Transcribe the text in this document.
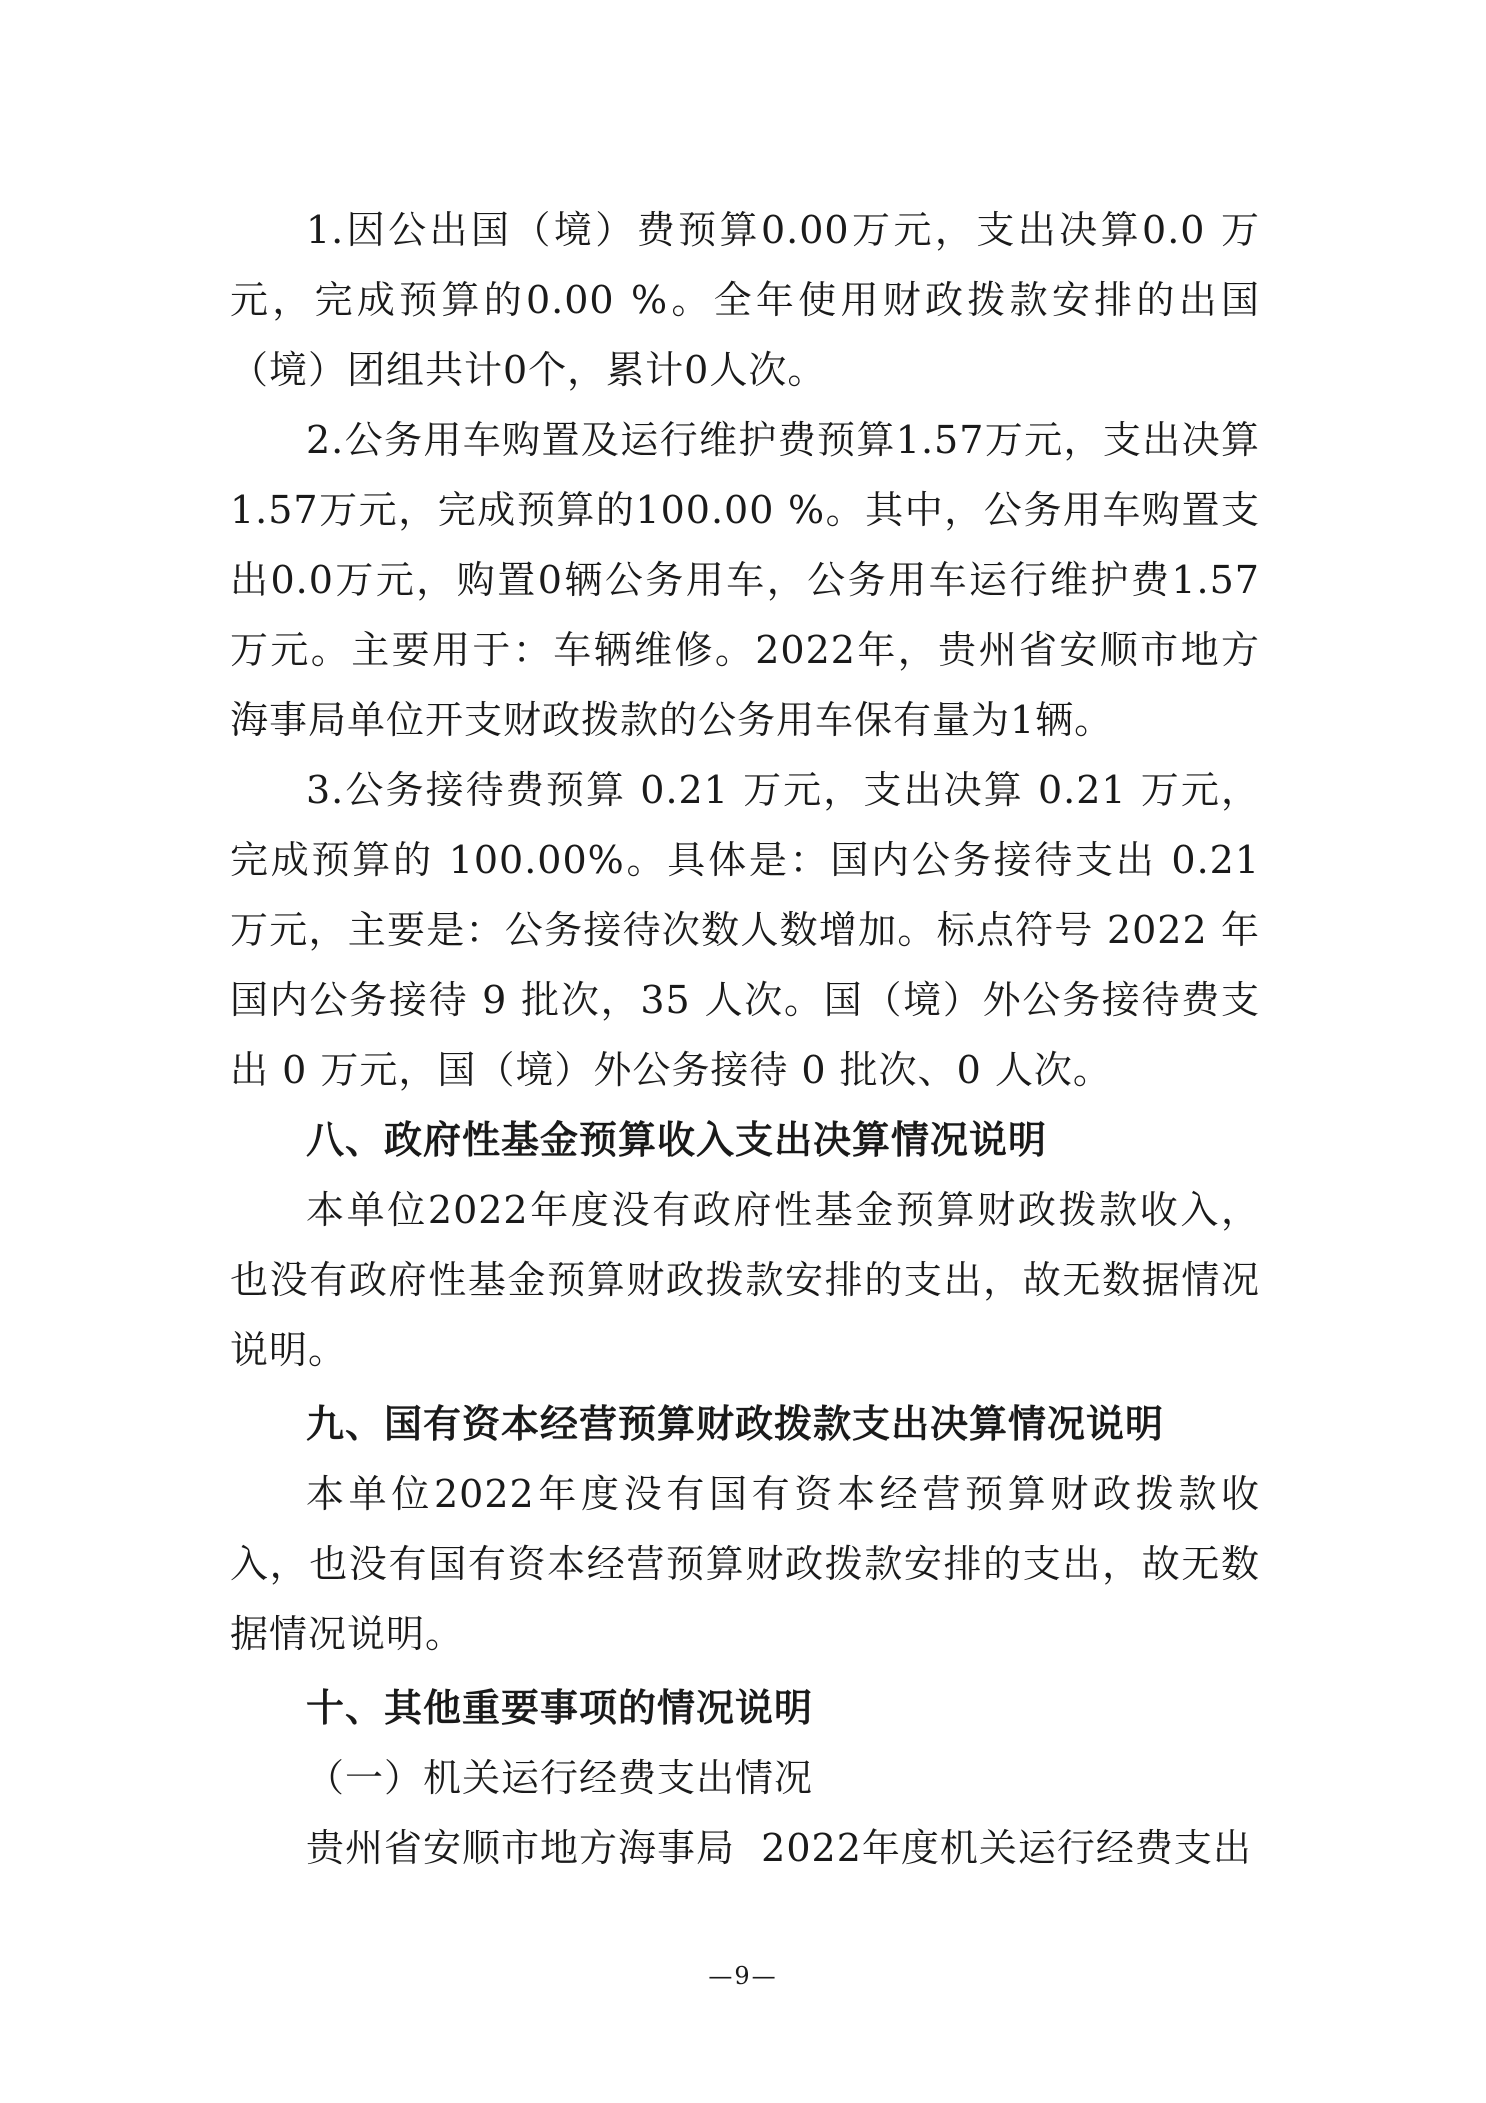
1.因公出国（境）费预算0.00万元，支出决算0.0 万元，完成预算的0.00 %。全年使用财政拨款安排的出国（境）团组共计0个，累计0人次。

2.公务用车购置及运行维护费预算1.57万元，支出决算1.57万元，完成预算的100.00 %。其中，公务用车购置支出0.0万元，购置0辆公务用车，公务用车运行维护费1.57万元。主要用于：车辆维修。2022年，贵州省安顺市地方海事局单位开支财政拨款的公务用车保有量为1辆。

3.公务接待费预算 0.21 万元，支出决算 0.21 万元，完成预算的 100.00%。具体是：国内公务接待支出 0.21 万元，主要是：公务接待次数人数增加。标点符号 2022 年国内公务接待 9 批次，35 人次。国（境）外公务接待费支出 0 万元，国（境）外公务接待 0 批次、0 人次。

八、政府性基金预算收入支出决算情况说明

本单位2022年度没有政府性基金预算财政拨款收入，也没有政府性基金预算财政拨款安排的支出，故无数据情况说明。

九、国有资本经营预算财政拨款支出决算情况说明

本单位2022年度没有国有资本经营预算财政拨款收入，也没有国有资本经营预算财政拨款安排的支出，故无数据情况说明。

十、其他重要事项的情况说明

（一）机关运行经费支出情况

贵州省安顺市地方海事局  2022年度机关运行经费支出

—9—
